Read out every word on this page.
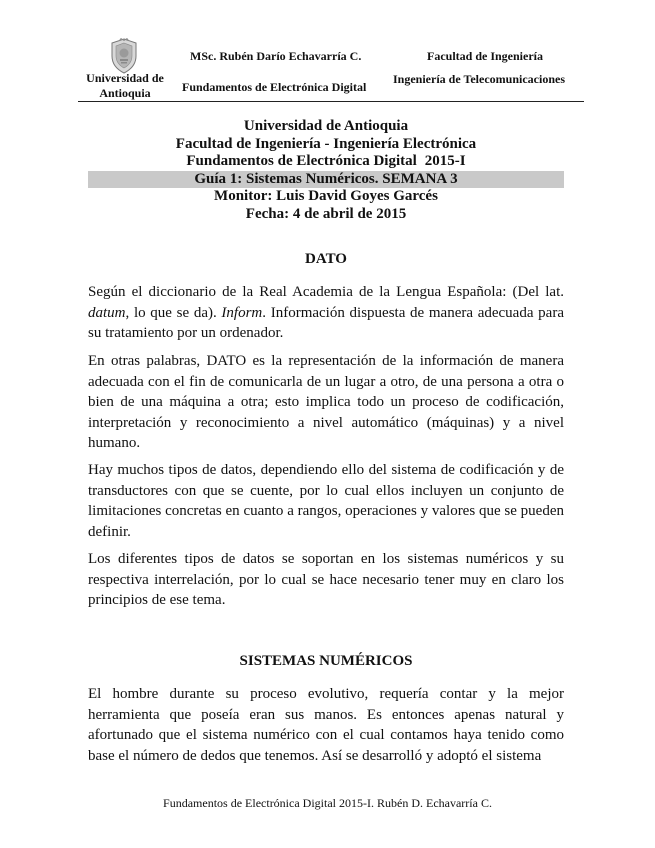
Universidad de Antioquia
MSc. Rubén Darío Echavarría C.	Facultad de Ingeniería
Fundamentos de Electrónica Digital
Ingeniería de Telecomunicaciones
Universidad de Antioquia
Facultad de Ingeniería - Ingeniería Electrónica
Fundamentos de Electrónica Digital 2015-I
Guía 1: Sistemas Numéricos. SEMANA 3
Monitor: Luis David Goyes Garcés
Fecha: 4 de abril de 2015
DATO

Según el diccionario de la Real Academia de la Lengua Española: (Del lat. datum, lo que se da). Inform. Información dispuesta de manera adecuada para su tratamiento por un ordenador.

En otras palabras, DATO es la representación de la información de manera adecuada con el fin de comunicarla de un lugar a otro, de una persona a otra o bien de una máquina a otra; esto implica todo un proceso de codificación, interpretación y reconocimiento a nivel automático (máquinas) y a nivel humano.

Hay muchos tipos de datos, dependiendo ello del sistema de codificación y de transductores con que se cuente, por lo cual ellos incluyen un conjunto de limitaciones concretas en cuanto a rangos, operaciones y valores que se pueden definir.

Los diferentes tipos de datos se soportan en los sistemas numéricos y su respectiva interrelación, por lo cual se hace necesario tener muy en claro los principios de ese tema.

SISTEMAS NUMÉRICOS

El hombre durante su proceso evolutivo, requería contar y la mejor herramienta que poseía eran sus manos. Es entonces apenas natural y afortunado que el sistema numérico con el cual contamos haya tenido como base el número de dedos que tenemos. Así se desarrolló y adoptó el sistema

Fundamentos de Electrónica Digital 2015-I. Rubén D. Echavarría C.
